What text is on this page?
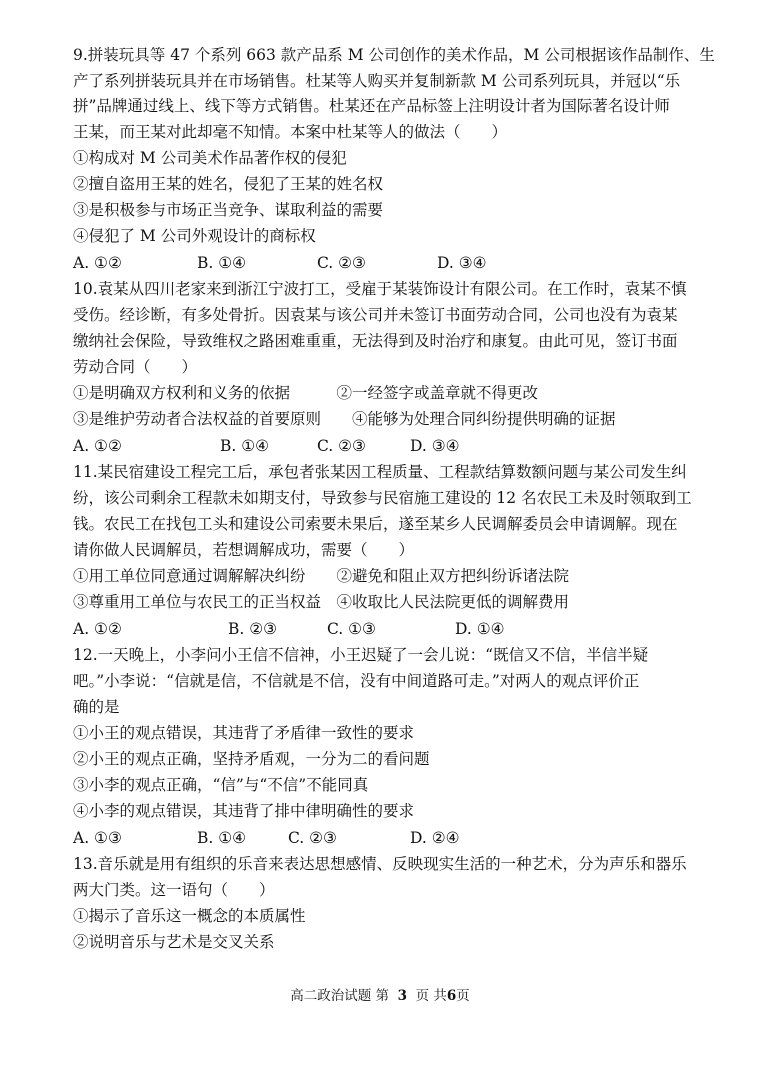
9.拼装玩具等 47 个系列 663 款产品系 M 公司创作的美术作品，M 公司根据该作品制作、生
产了系列拼装玩具并在市场销售。杜某等人购买并复制新款 M 公司系列玩具，并冠以“乐
拼”品牌通过线上、线下等方式销售。杜某还在产品标签上注明设计者为国际著名设计师
王某，而王某对此却毫不知情。本案中杜某等人的做法（　　）
①构成对 M 公司美术作品著作权的侵犯
②擅自盗用王某的姓名，侵犯了王某的姓名权
③是积极参与市场正当竞争、谋取利益的需要
④侵犯了 M 公司外观设计的商标权
A. ①②	B. ①④	C. ②③	D. ③④
10.袁某从四川老家来到浙江宁波打工，受雇于某装饰设计有限公司。在工作时，袁某不慎
受伤。经诊断，有多处骨折。因袁某与该公司并未签订书面劳动合同，公司也没有为袁某
缴纳社会保险，导致维权之路困难重重，无法得到及时治疗和康复。由此可见，签订书面
劳动合同（　　）
①是明确双方权利和义务的依据　　　②一经签字或盖章就不得更改
③是维护劳动者合法权益的首要原则　　④能够为处理合同纠纷提供明确的证据
A. ①②	B. ①④	C. ②③	D. ③④
11.某民宿建设工程完工后，承包者张某因工程质量、工程款结算数额问题与某公司发生纠
纷，该公司剩余工程款未如期支付，导致参与民宿施工建设的 12 名农民工未及时领取到工
钱。农民工在找包工头和建设公司索要未果后，遂至某乡人民调解委员会申请调解。现在
请你做人民调解员，若想调解成功，需要（　　）
①用工单位同意通过调解解决纠纷　　②避免和阻止双方把纠纷诉诸法院
③尊重用工单位与农民工的正当权益　④收取比人民法院更低的调解费用
A. ①②	B. ②③	C. ①③	D. ①④
12.一天晚上，小李问小王信不信神，小王迟疑了一会儿说：“既信又不信，半信半疑
吧。”小李说：“信就是信，不信就是不信，没有中间道路可走。”对两人的观点评价正
确的是
①小王的观点错误，其违背了矛盾律一致性的要求
②小王的观点正确，坚持矛盾观，一分为二的看问题
③小李的观点正确，“信”与“不信”不能同真
④小李的观点错误，其违背了排中律明确性的要求
A. ①③	B. ①④	C. ②③	D. ②④
13.音乐就是用有组织的乐音来表达思想感情、反映现实生活的一种艺术，分为声乐和器乐
两大门类。这一语句（　　）
①揭示了音乐这一概念的本质属性
②说明音乐与艺术是交叉关系
高二政治试题 第 3 页 共6页
